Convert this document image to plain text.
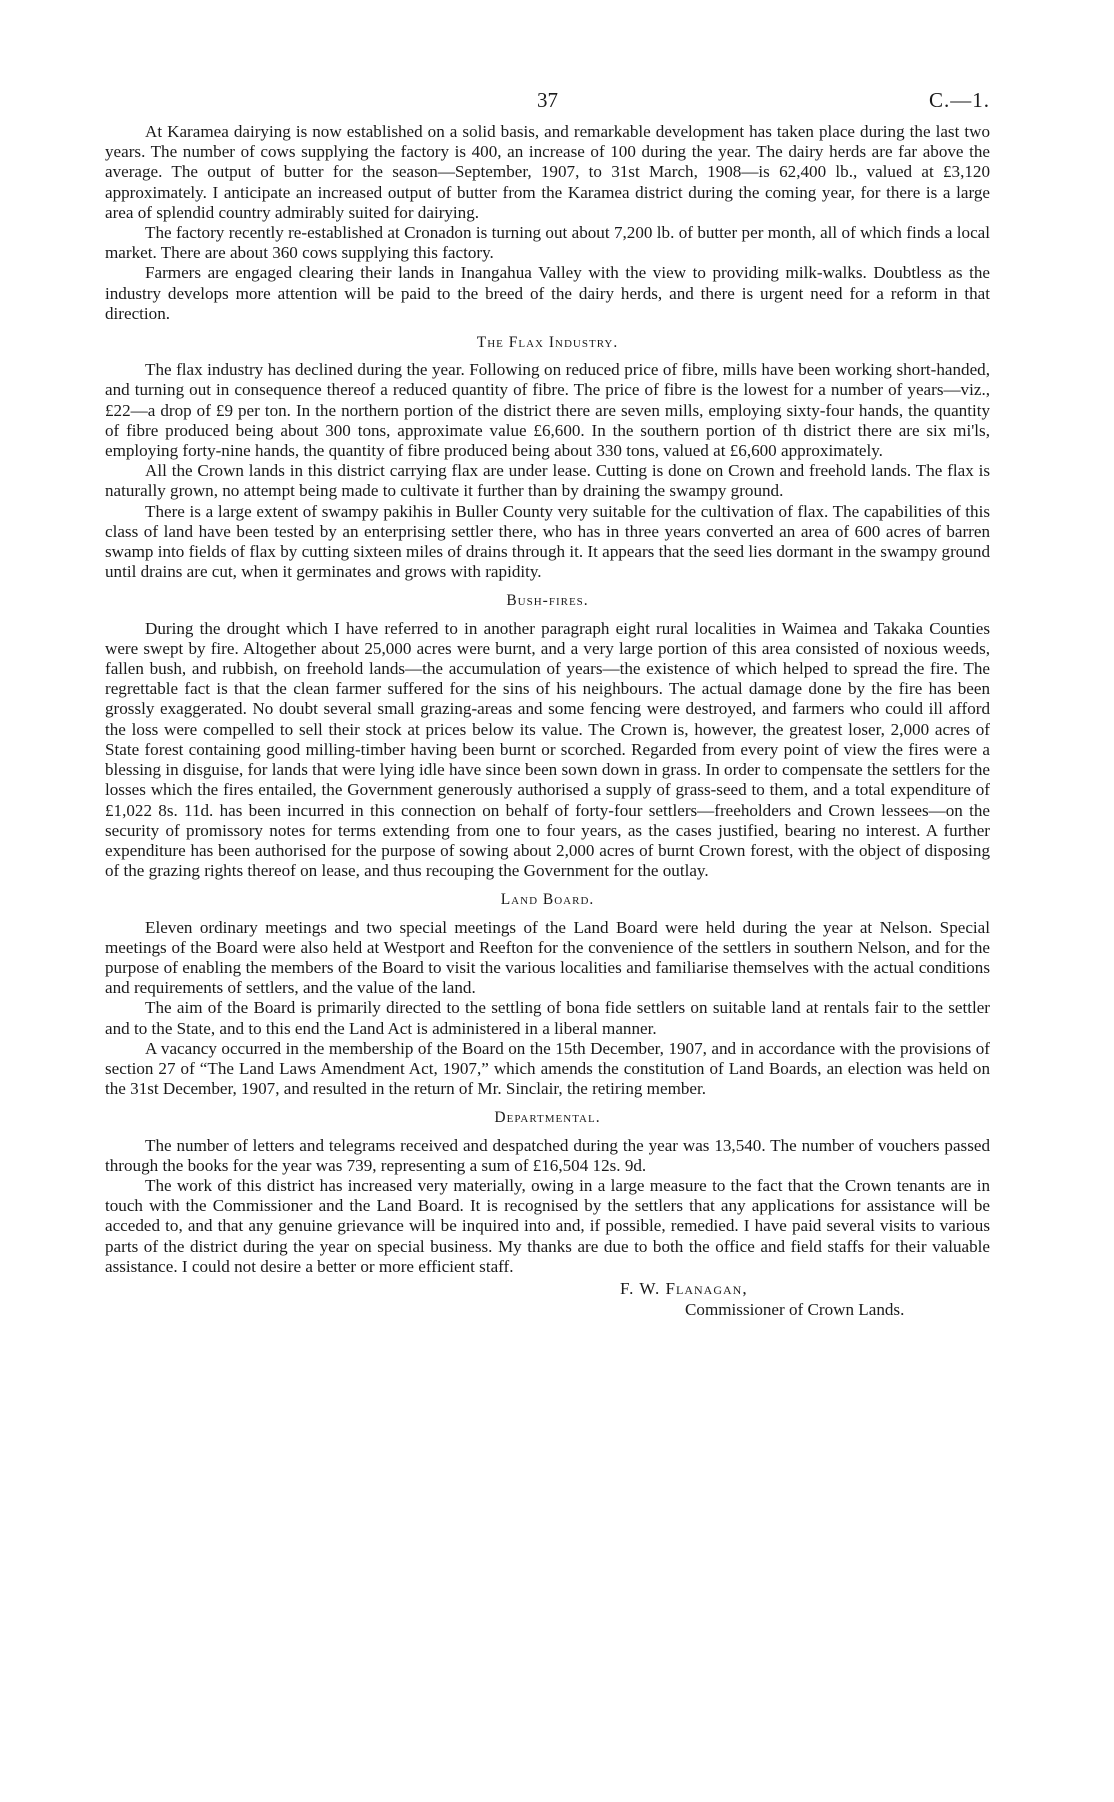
37	C.—1.

At Karamea dairying is now established on a solid basis, and remarkable development has taken place during the last two years. The number of cows supplying the factory is 400, an increase of 100 during the year. The dairy herds are far above the average. The output of butter for the season—September, 1907, to 31st March, 1908—is 62,400 lb., valued at £3,120 approximately. I anticipate an increased output of butter from the Karamea district during the coming year, for there is a large area of splendid country admirably suited for dairying.

The factory recently re-established at Cronadon is turning out about 7,200 lb. of butter per month, all of which finds a local market. There are about 360 cows supplying this factory.

Farmers are engaged clearing their lands in Inangahua Valley with the view to providing milk-walks. Doubtless as the industry develops more attention will be paid to the breed of the dairy herds, and there is urgent need for a reform in that direction.

The Flax Industry.

The flax industry has declined during the year. Following on reduced price of fibre, mills have been working short-handed, and turning out in consequence thereof a reduced quantity of fibre. The price of fibre is the lowest for a number of years—viz., £22—a drop of £9 per ton. In the northern portion of the district there are seven mills, employing sixty-four hands, the quantity of fibre produced being about 300 tons, approximate value £6,600. In the southern portion of th district there are six mi'ls, employing forty-nine hands, the quantity of fibre produced being about 330 tons, valued at £6,600 approximately.

All the Crown lands in this district carrying flax are under lease. Cutting is done on Crown and freehold lands. The flax is naturally grown, no attempt being made to cultivate it further than by draining the swampy ground.

There is a large extent of swampy pakihis in Buller County very suitable for the cultivation of flax. The capabilities of this class of land have been tested by an enterprising settler there, who has in three years converted an area of 600 acres of barren swamp into fields of flax by cutting sixteen miles of drains through it. It appears that the seed lies dormant in the swampy ground until drains are cut, when it germinates and grows with rapidity.

Bush-fires.

During the drought which I have referred to in another paragraph eight rural localities in Waimea and Takaka Counties were swept by fire. Altogether about 25,000 acres were burnt, and a very large portion of this area consisted of noxious weeds, fallen bush, and rubbish, on freehold lands—the accumulation of years—the existence of which helped to spread the fire. The regrettable fact is that the clean farmer suffered for the sins of his neighbours. The actual damage done by the fire has been grossly exaggerated. No doubt several small grazing-areas and some fencing were destroyed, and farmers who could ill afford the loss were compelled to sell their stock at prices below its value. The Crown is, however, the greatest loser, 2,000 acres of State forest containing good milling-timber having been burnt or scorched. Regarded from every point of view the fires were a blessing in disguise, for lands that were lying idle have since been sown down in grass. In order to compensate the settlers for the losses which the fires entailed, the Government generously authorised a supply of grass-seed to them, and a total expenditure of £1,022 8s. 11d. has been incurred in this connection on behalf of forty-four settlers—freeholders and Crown lessees—on the security of promissory notes for terms extending from one to four years, as the cases justified, bearing no interest. A further expenditure has been authorised for the purpose of sowing about 2,000 acres of burnt Crown forest, with the object of disposing of the grazing rights thereof on lease, and thus recouping the Government for the outlay.

Land Board.

Eleven ordinary meetings and two special meetings of the Land Board were held during the year at Nelson. Special meetings of the Board were also held at Westport and Reefton for the convenience of the settlers in southern Nelson, and for the purpose of enabling the members of the Board to visit the various localities and familiarise themselves with the actual conditions and requirements of settlers, and the value of the land.

The aim of the Board is primarily directed to the settling of bona fide settlers on suitable land at rentals fair to the settler and to the State, and to this end the Land Act is administered in a liberal manner.

A vacancy occurred in the membership of the Board on the 15th December, 1907, and in accordance with the provisions of section 27 of “The Land Laws Amendment Act, 1907,” which amends the constitution of Land Boards, an election was held on the 31st December, 1907, and resulted in the return of Mr. Sinclair, the retiring member.

Departmental.

The number of letters and telegrams received and despatched during the year was 13,540. The number of vouchers passed through the books for the year was 739, representing a sum of £16,504 12s. 9d.

The work of this district has increased very materially, owing in a large measure to the fact that the Crown tenants are in touch with the Commissioner and the Land Board. It is recognised by the settlers that any applications for assistance will be acceded to, and that any genuine grievance will be inquired into and, if possible, remedied. I have paid several visits to various parts of the district during the year on special business. My thanks are due to both the office and field staffs for their valuable assistance. I could not desire a better or more efficient staff.

F. W. Flanagan,
Commissioner of Crown Lands.
